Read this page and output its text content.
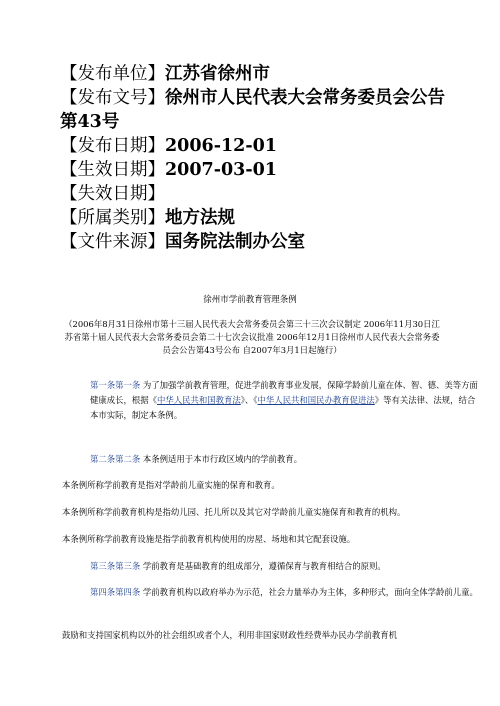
【发布单位】江苏省徐州市
【发布文号】徐州市人民代表大会常务委员会公告第43号
【发布日期】2006-12-01
【生效日期】2007-03-01
【失效日期】
【所属类别】地方法规
【文件来源】国务院法制办公室
徐州市学前教育管理条例
（2006年8月31日徐州市第十三届人民代表大会常务委员会第三十三次会议制定 2006年11月30日江苏省第十届人民代表大会常务委员会第二十七次会议批准 2006年12月1日徐州市人民代表大会常务委员会公告第43号公布 自2007年3月1日起施行）

第一条第一条 为了加强学前教育管理，促进学前教育事业发展，保障学龄前儿童在体、智、德、美等方面健康成长，根据《中华人民共和国教育法》、《中华人民共和国民办教育促进法》等有关法律、法规，结合本市实际，制定本条例。

第二条第二条 本条例适用于本市行政区域内的学前教育。

本条例所称学前教育是指对学龄前儿童实施的保育和教育。

本条例所称学前教育机构是指幼儿园、托儿所以及其它对学龄前儿童实施保育和教育的机构。

本条例所称学前教育设施是指学前教育机构使用的房屋、场地和其它配套设施。

第三条第三条 学前教育是基础教育的组成部分，遵循保育与教育相结合的原则。

第四条第四条 学前教育机构以政府举办为示范，社会力量举办为主体，多种形式，面向全体学龄前儿童。

鼓励和支持国家机构以外的社会组织或者个人，利用非国家财政性经费举办民办学前教育机
